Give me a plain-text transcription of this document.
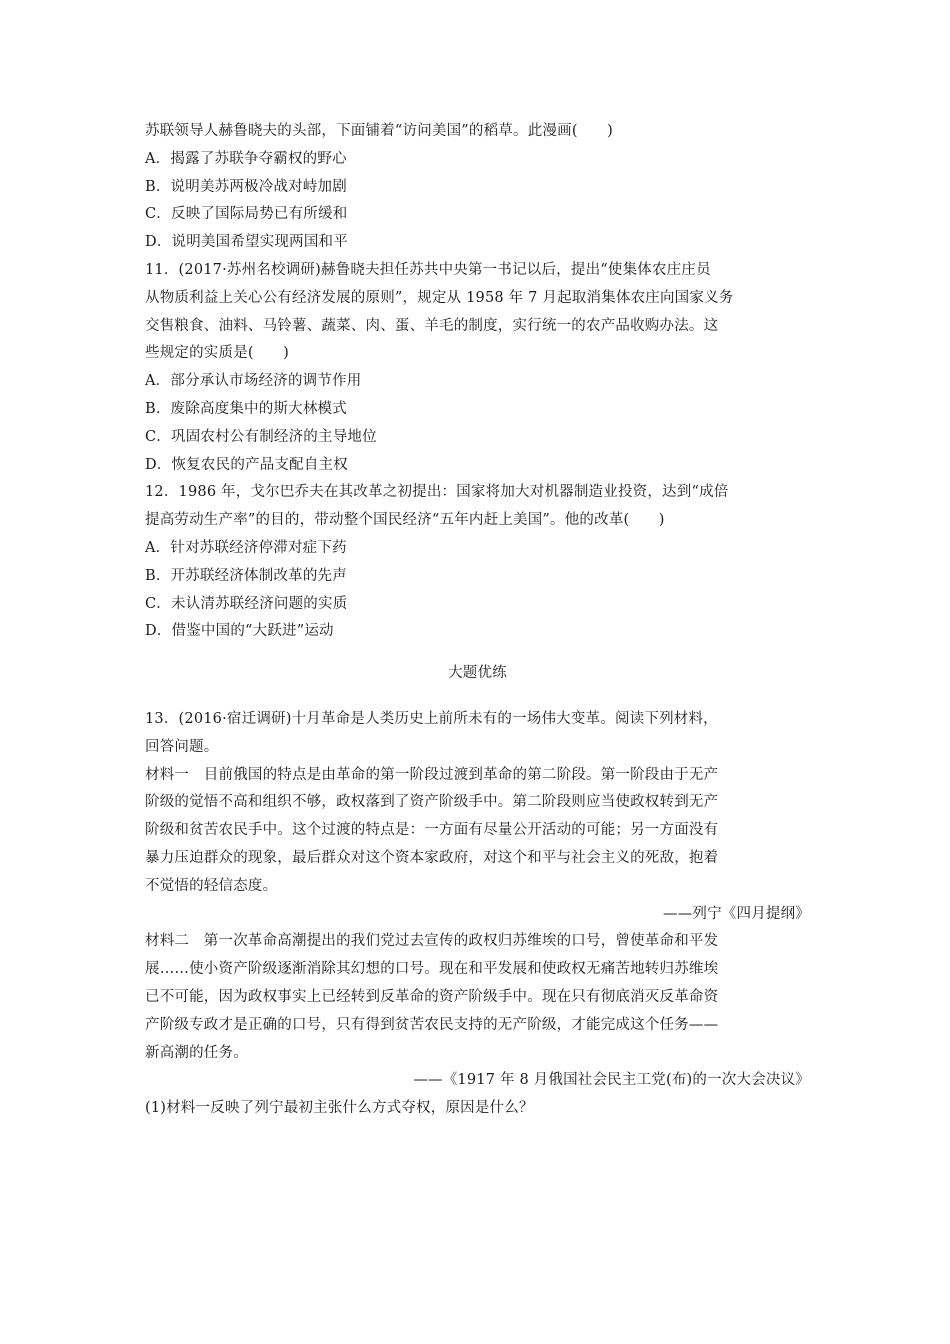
苏联领导人赫鲁晓夫的头部，下面铺着“访问美国”的稻草。此漫画(　　)
A．揭露了苏联争夺霸权的野心
B．说明美苏两极冷战对峙加剧
C．反映了国际局势已有所缓和
D．说明美国希望实现两国和平
11．(2017·苏州名校调研)赫鲁晓夫担任苏共中央第一书记以后，提出“使集体农庄庄员
从物质利益上关心公有经济发展的原则”，规定从 1958 年 7 月起取消集体农庄向国家义务
交售粮食、油料、马铃薯、蔬菜、肉、蛋、羊毛的制度，实行统一的农产品收购办法。这
些规定的实质是(　　)
A．部分承认市场经济的调节作用
B．废除高度集中的斯大林模式
C．巩固农村公有制经济的主导地位
D．恢复农民的产品支配自主权
12．1986 年，戈尔巴乔夫在其改革之初提出：国家将加大对机器制造业投资，达到“成倍
提高劳动生产率”的目的，带动整个国民经济“五年内赶上美国”。他的改革(　　)
A．针对苏联经济停滞对症下药
B．开苏联经济体制改革的先声
C．未认清苏联经济问题的实质
D．借鉴中国的“大跃进”运动
大题优练
13．(2016·宿迁调研)十月革命是人类历史上前所未有的一场伟大变革。阅读下列材料，
回答问题。
材料一　目前俄国的特点是由革命的第一阶段过渡到革命的第二阶段。第一阶段由于无产
阶级的觉悟不高和组织不够，政权落到了资产阶级手中。第二阶段则应当使政权转到无产
阶级和贫苦农民手中。这个过渡的特点是：一方面有尽量公开活动的可能；另一方面没有
暴力压迫群众的现象，最后群众对这个资本家政府，对这个和平与社会主义的死敌，抱着
不觉悟的轻信态度。
——列宁《四月提纲》
材料二　第一次革命高潮提出的我们党过去宣传的政权归苏维埃的口号，曾使革命和平发
展……使小资产阶级逐渐消除其幻想的口号。现在和平发展和使政权无痛苦地转归苏维埃
已不可能，因为政权事实上已经转到反革命的资产阶级手中。现在只有彻底消灭反革命资
产阶级专政才是正确的口号，只有得到贫苦农民支持的无产阶级，才能完成这个任务——
新高潮的任务。
——《1917 年 8 月俄国社会民主工党(布)的一次大会决议》
(1)材料一反映了列宁最初主张什么方式夺权，原因是什么？
